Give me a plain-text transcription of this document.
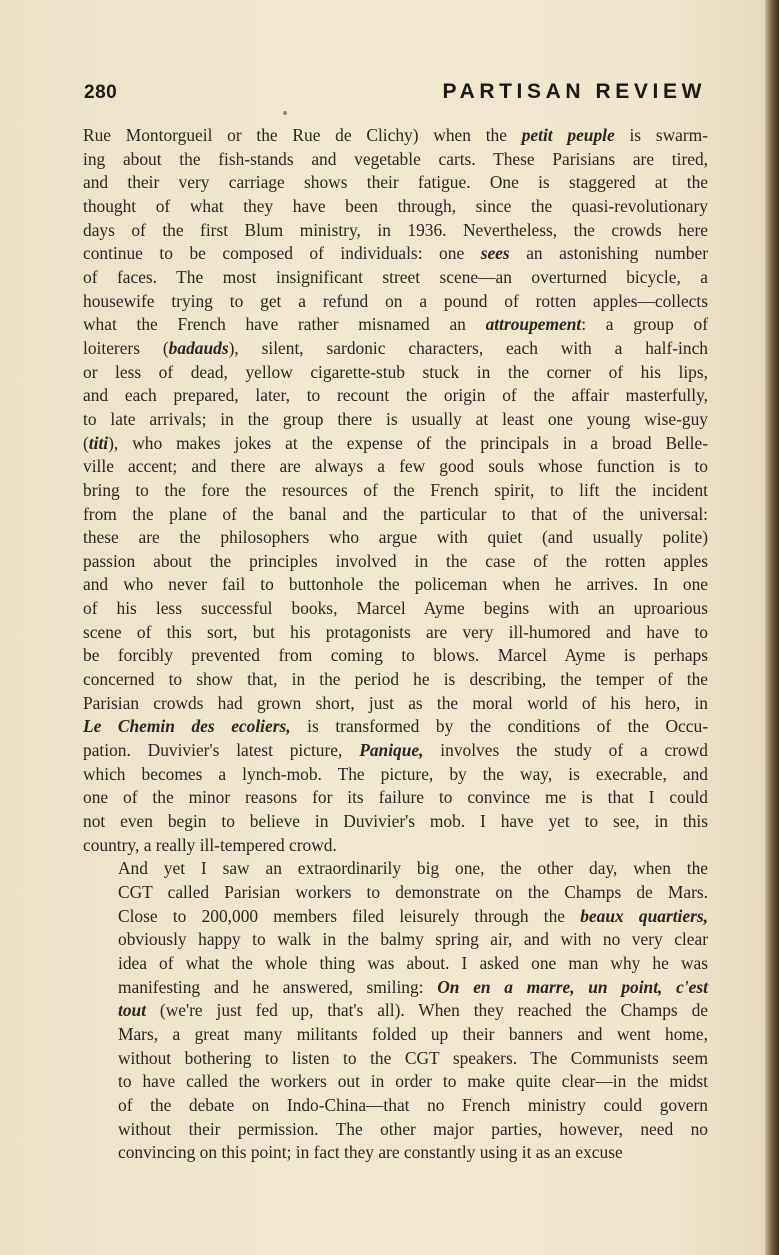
280	PARTISAN REVIEW

Rue Montorgueil or the Rue de Clichy) when the petit peuple is swarm-
ing about the fish-stands and vegetable carts. These Parisians are tired,
and their very carriage shows their fatigue. One is staggered at the
thought of what they have been through, since the quasi-revolutionary
days of the first Blum ministry, in 1936. Nevertheless, the crowds here
continue to be composed of individuals: one sees an astonishing number
of faces. The most insignificant street scene—an overturned bicycle, a
housewife trying to get a refund on a pound of rotten apples—collects
what the French have rather misnamed an attroupement: a group of
loiterers (badauds), silent, sardonic characters, each with a half-inch
or less of dead, yellow cigarette-stub stuck in the corner of his lips,
and each prepared, later, to recount the origin of the affair masterfully,
to late arrivals; in the group there is usually at least one young wise-guy
(titi), who makes jokes at the expense of the principals in a broad Belle-
ville accent; and there are always a few good souls whose function is to
bring to the fore the resources of the French spirit, to lift the incident
from the plane of the banal and the particular to that of the universal:
these are the philosophers who argue with quiet (and usually polite)
passion about the principles involved in the case of the rotten apples
and who never fail to buttonhole the policeman when he arrives. In one
of his less successful books, Marcel Ayme begins with an uproarious
scene of this sort, but his protagonists are very ill-humored and have to
be forcibly prevented from coming to blows. Marcel Ayme is perhaps
concerned to show that, in the period he is describing, the temper of the
Parisian crowds had grown short, just as the moral world of his hero, in
Le Chemin des ecoliers, is transformed by the conditions of the Occu-
pation. Duvivier's latest picture, Panique, involves the study of a crowd
which becomes a lynch-mob. The picture, by the way, is execrable, and
one of the minor reasons for its failure to convince me is that I could
not even begin to believe in Duvivier's mob. I have yet to see, in this
country, a really ill-tempered crowd.

And yet I saw an extraordinarily big one, the other day, when the
CGT called Parisian workers to demonstrate on the Champs de Mars.
Close to 200,000 members filed leisurely through the beaux quartiers,
obviously happy to walk in the balmy spring air, and with no very clear
idea of what the whole thing was about. I asked one man why he was
manifesting and he answered, smiling: On en a marre, un point, c'est
tout (we're just fed up, that's all). When they reached the Champs de
Mars, a great many militants folded up their banners and went home,
without bothering to listen to the CGT speakers. The Communists seem
to have called the workers out in order to make quite clear—in the midst
of the debate on Indo-China—that no French ministry could govern
without their permission. The other major parties, however, need no
convincing on this point; in fact they are constantly using it as an excuse
